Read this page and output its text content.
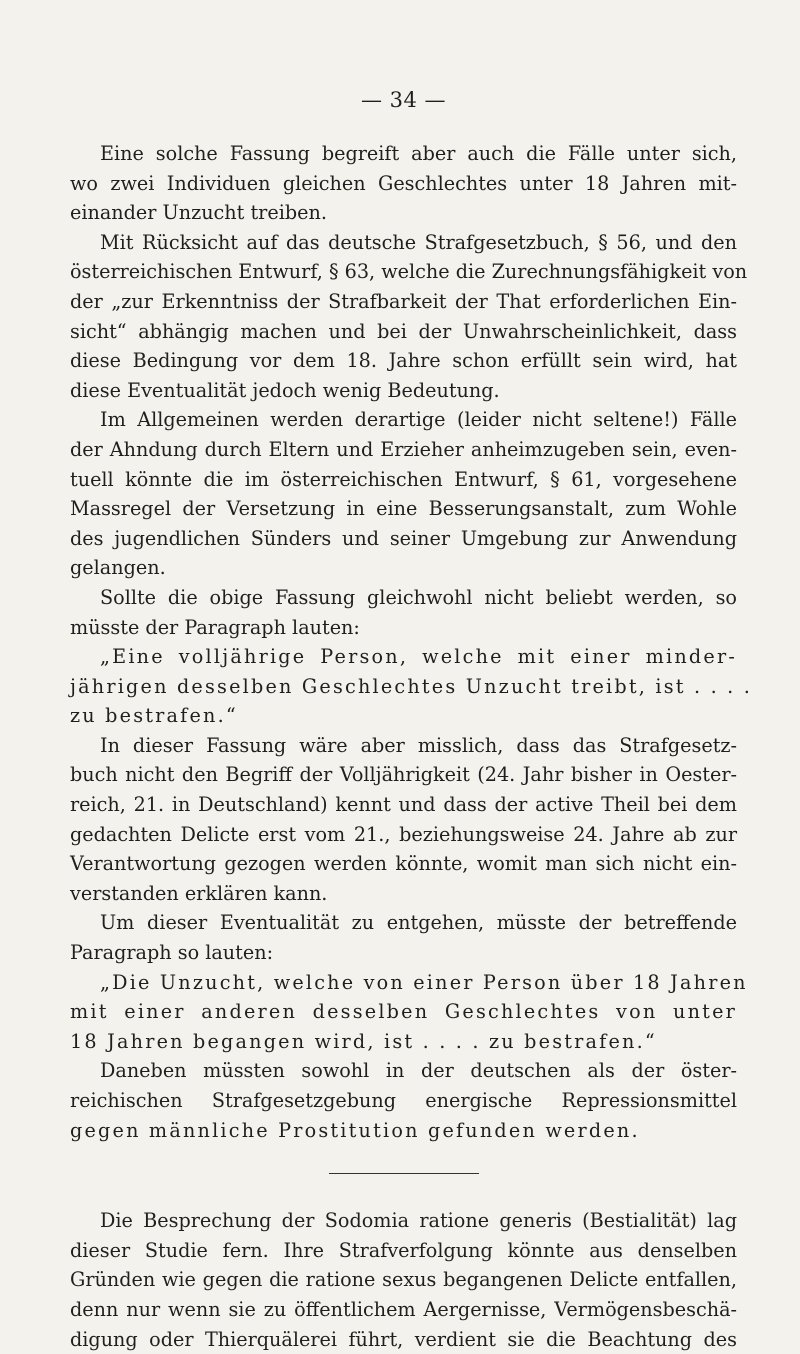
— 34 —
Eine solche Fassung begreift aber auch die Fälle unter sich,
wo zwei Individuen gleichen Geschlechtes unter 18 Jahren mit-
einander Unzucht treiben.
Mit Rücksicht auf das deutsche Strafgesetzbuch, § 56, und den
österreichischen Entwurf, § 63, welche die Zurechnungsfähigkeit von
der „zur Erkenntniss der Strafbarkeit der That erforderlichen Ein-
sicht“ abhängig machen und bei der Unwahrscheinlichkeit, dass
diese Bedingung vor dem 18. Jahre schon erfüllt sein wird, hat
diese Eventualität jedoch wenig Bedeutung.
Im Allgemeinen werden derartige (leider nicht seltene!) Fälle
der Ahndung durch Eltern und Erzieher anheimzugeben sein, even-
tuell könnte die im österreichischen Entwurf, § 61, vorgesehene
Massregel der Versetzung in eine Besserungsanstalt, zum Wohle
des jugendlichen Sünders und seiner Umgebung zur Anwendung
gelangen.
Sollte die obige Fassung gleichwohl nicht beliebt werden, so
müsste der Paragraph lauten:
„Eine volljährige Person, welche mit einer minder-
jährigen desselben Geschlechtes Unzucht treibt, ist . . . .
zu bestrafen.“
In dieser Fassung wäre aber misslich, dass das Strafgesetz-
buch nicht den Begriff der Volljährigkeit (24. Jahr bisher in Oester-
reich, 21. in Deutschland) kennt und dass der active Theil bei dem
gedachten Delicte erst vom 21., beziehungsweise 24. Jahre ab zur
Verantwortung gezogen werden könnte, womit man sich nicht ein-
verstanden erklären kann.
Um dieser Eventualität zu entgehen, müsste der betreffende
Paragraph so lauten:
„Die Unzucht, welche von einer Person über 18 Jahren
mit einer anderen desselben Geschlechtes von unter
18 Jahren begangen wird, ist . . . . zu bestrafen.“
Daneben müssten sowohl in der deutschen als der öster-
reichischen Strafgesetzgebung energische Repressionsmittel
gegen männliche Prostitution gefunden werden.
Die Besprechung der Sodomia ratione generis (Bestialität) lag
dieser Studie fern. Ihre Strafverfolgung könnte aus denselben
Gründen wie gegen die ratione sexus begangenen Delicte entfallen,
denn nur wenn sie zu öffentlichem Aergernisse, Vermögensbeschä-
digung oder Thierquälerei führt, verdient sie die Beachtung des
